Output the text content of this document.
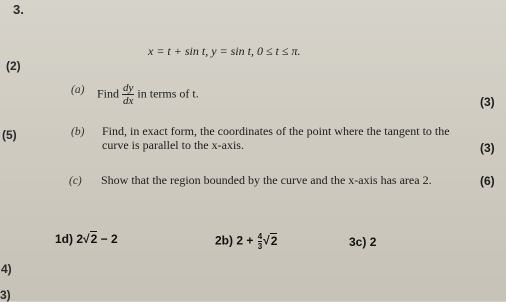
3.
(2)
(5)
4)
3)
x = t + sin t, y = sin t, 0 ≤ t ≤ π.
(a) Find $\frac{dy}{dx}$ in terms of t.
(3)
(b) Find, in exact form, the coordinates of the point where the tangent to the
curve is parallel to the x-axis.	(3)
(c) Show that the region bounded by the curve and the x-axis has area 2.	(6)
1d) 2√2 − 2	2b) $2 + \frac{4}{3} √2$	3c) 2
